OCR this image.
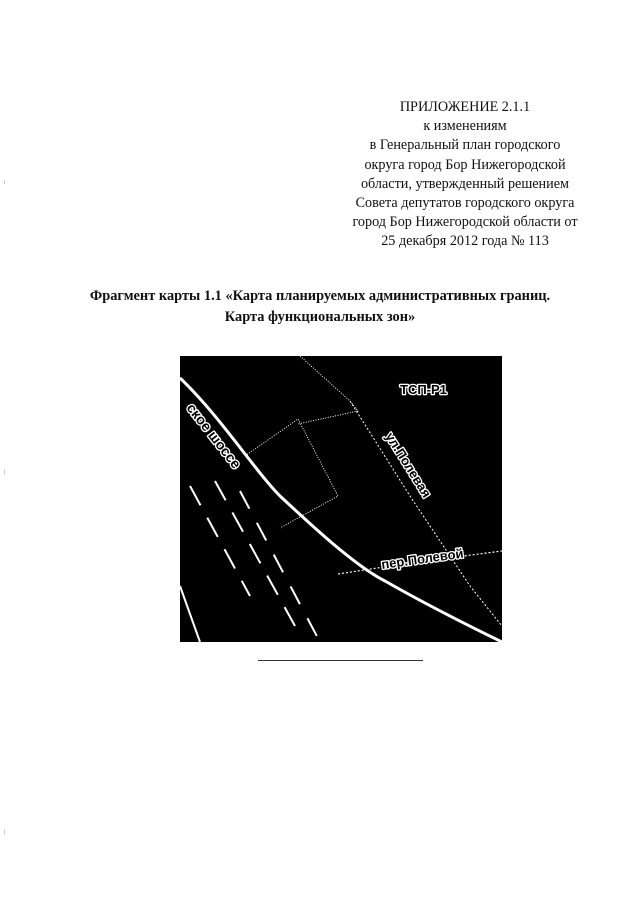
ПРИЛОЖЕНИЕ 2.1.1
к изменениям
в Генеральный план городского
округа город Бор Нижегородской
области, утвержденный решением
Совета депутатов городского округа
город Бор Нижегородской области от
25 декабря 2012 года № 113
Фрагмент карты 1.1 «Карта планируемых административных границ.
Карта функциональных зон»
ТСП-Р1
ское шоссе	ул.Полевая
пер.Полевой
